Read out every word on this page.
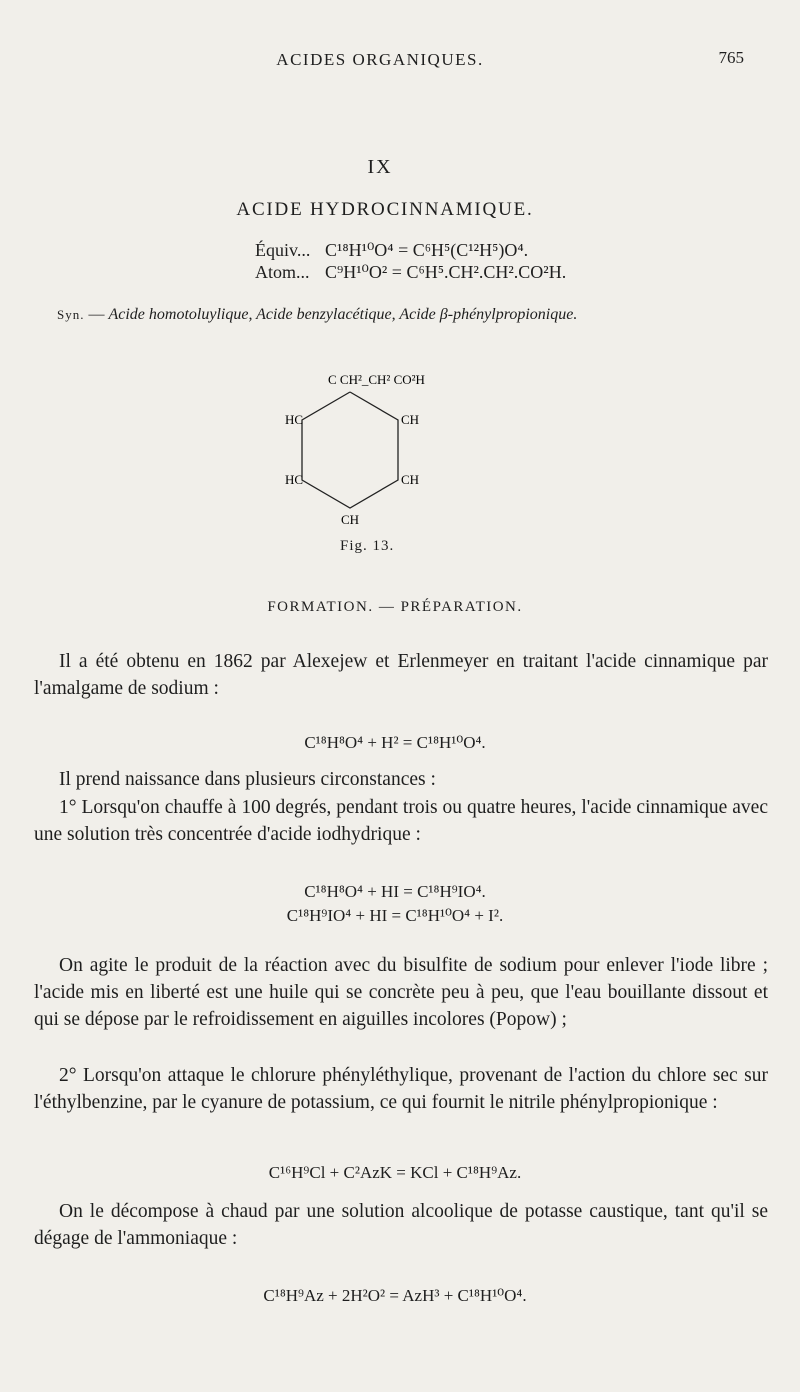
ACIDES ORGANIQUES.	765
IX
ACIDE HYDROCINNAMIQUE.
Équiv... C¹⁸H¹⁰O⁴ = C⁶H⁵(C¹²H⁵)O⁴.
Atom... C⁹H¹⁰O² = C⁶H⁵.CH².CH².CO²H.
Syn. — Acide homotoluylique, Acide benzylacétique, Acide β-phénylpropionique.
C CH²_CH² CO²H
HC	CH
HC	CH
CH
Fig. 13.
FORMATION. — PRÉPARATION.

Il a été obtenu en 1862 par Alexejew et Erlenmeyer en traitant l'acide cinnamique par l'amalgame de sodium :

C¹⁸H⁸O⁴ + H² = C¹⁸H¹⁰O⁴.

Il prend naissance dans plusieurs circonstances :

1° Lorsqu'on chauffe à 100 degrés, pendant trois ou quatre heures, l'acide cinnamique avec une solution très concentrée d'acide iodhydrique :

C¹⁸H⁸O⁴ + HI = C¹⁸H⁹IO⁴.
C¹⁸H⁹IO⁴ + HI = C¹⁸H¹⁰O⁴ + I².

On agite le produit de la réaction avec du bisulfite de sodium pour enlever l'iode libre ; l'acide mis en liberté est une huile qui se concrète peu à peu, que l'eau bouillante dissout et qui se dépose par le refroidissement en aiguilles incolores (Popow) ;

2° Lorsqu'on attaque le chlorure phényléthylique, provenant de l'action du chlore sec sur l'éthylbenzine, par le cyanure de potassium, ce qui fournit le nitrile phénylpropionique :

C¹⁶H⁹Cl + C²AzK = KCl + C¹⁸H⁹Az.

On le décompose à chaud par une solution alcoolique de potasse caustique, tant qu'il se dégage de l'ammoniaque :

C¹⁸H⁹Az + 2H²O² = AzH³ + C¹⁸H¹⁰O⁴.
